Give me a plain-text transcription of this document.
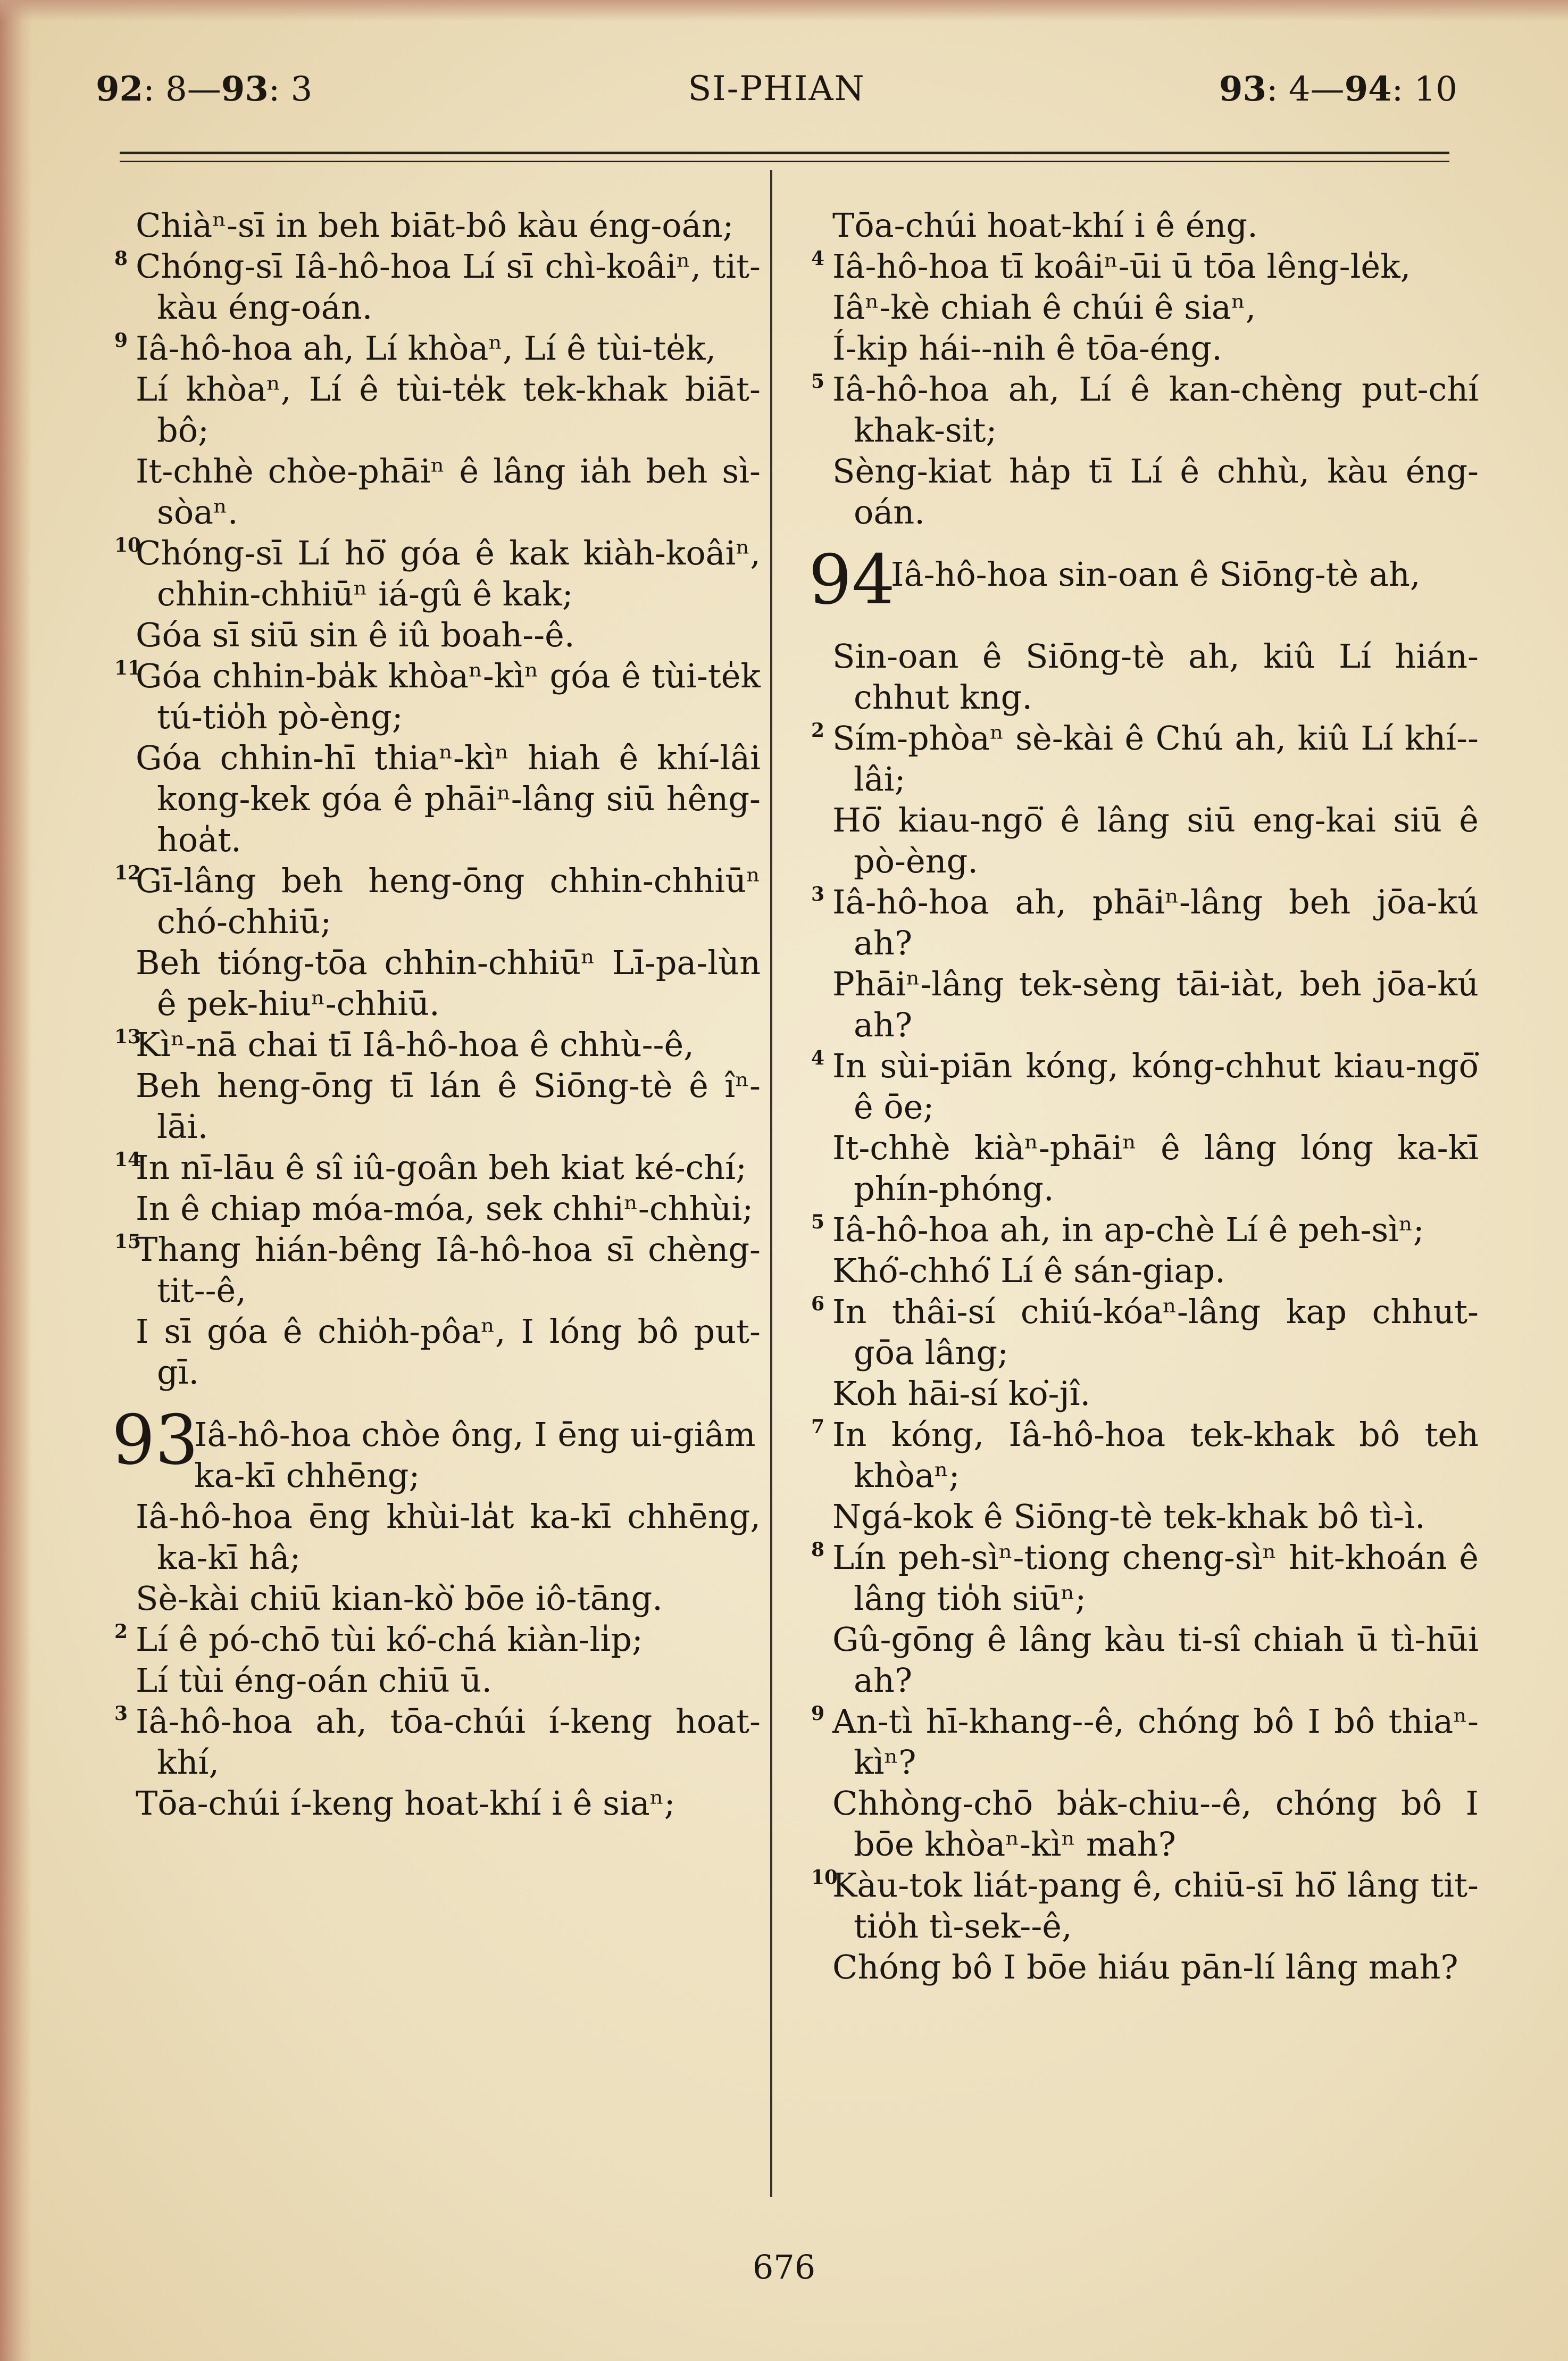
92: 8—93: 3	SI-PHIAN	93: 4—94: 10

Chiàⁿ-sī in beh biāt-bô kàu éng-oán;

8 Chóng-sī Iâ-hô-hoa Lí sī chì-koâiⁿ, tit-kàu éng-oán.

9 Iâ-hô-hoa ah, Lí khòaⁿ, Lí ê tùi-te̍k,

Lí khòaⁿ, Lí ê tùi-te̍k tek-khak biāt-bô;

It-chhè chòe-phāiⁿ ê lâng ia̍h beh sì-sòaⁿ.

10
Chóng-sī Lí hō͘ góa ê kak kiàh-koâiⁿ, chhin-chhiūⁿ iá-gû ê kak;

Góa sī siū sin ê iû boah--ê.

11
Góa chhin-ba̍k khòaⁿ-kìⁿ góa ê tùi-te̍k tú-tio̍h pò-èng;

Góa chhin-hī thiaⁿ-kìⁿ hiah ê khí-lâi kong-kek góa ê phāiⁿ-lâng siū hêng-hoa̍t.

12
Gī-lâng beh heng-ōng chhin-chhiūⁿ chó-chhiū;

Beh tióng-tōa chhin-chhiūⁿ Lī-pa-lùn ê pek-hiuⁿ-chhiū.

13
Kìⁿ-nā chai tī Iâ-hô-hoa ê chhù--ê,

Beh heng-ōng tī lán ê Siōng-tè ê îⁿ-lāi.

14
In nī-lāu ê sî iû-goân beh kiat ké-chí;

In ê chiap móa-móa, sek chhiⁿ-chhùi;

15
Thang hián-bêng Iâ-hô-hoa sī chèng-tit--ê,

I sī góa ê chio̍h-pôaⁿ, I lóng bô put-gī.

93
Iâ-hô-hoa chòe ông, I ēng ui-giâm ka-kī chhēng;

Iâ-hô-hoa ēng khùi-la̍t ka-kī chhēng, ka-kī hâ;

Sè-kài chiū kian-kò͘ bōe iô-tāng.

2 Lí ê pó-chō tùi kó͘-chá kiàn-li̍p;

Lí tùi éng-oán chiū ū.

3 Iâ-hô-hoa ah, tōa-chúi í-keng hoat-khí,

Tōa-chúi í-keng hoat-khí i ê siaⁿ;

Tōa-chúi hoat-khí i ê éng.

4 Iâ-hô-hoa tī koâiⁿ-ūi ū tōa lêng-le̍k,

Iâⁿ-kè chiah ê chúi ê siaⁿ,

Í-kip hái--nih ê tōa-éng.

5 Iâ-hô-hoa ah, Lí ê kan-chèng put-chí khak-sit;

Sèng-kiat ha̍p tī Lí ê chhù, kàu éng-oán.

94
Iâ-hô-hoa sin-oan ê Siōng-tè ah,

Sin-oan ê Siōng-tè ah, kiû Lí hián-chhut kng.

2 Sím-phòaⁿ sè-kài ê Chú ah, kiû Lí khí--lâi;

Hō͘ kiau-ngō͘ ê lâng siū eng-kai siū ê pò-èng.

3 Iâ-hô-hoa ah, phāiⁿ-lâng beh jōa-kú ah?

Phāiⁿ-lâng tek-sèng tāi-iàt, beh jōa-kú ah?

4 In sùi-piān kóng, kóng-chhut kiau-ngō͘ ê ōe;

It-chhè kiàⁿ-phāiⁿ ê lâng lóng ka-kī phín-phóng.

5 Iâ-hô-hoa ah, in ap-chè Lí ê peh-sìⁿ;

Khó͘-chhó͘ Lí ê sán-giap.

6 In thâi-sí chiú-kóaⁿ-lâng kap chhut-gōa lâng;

Koh hāi-sí ko͘-jî.

7 In kóng, Iâ-hô-hoa tek-khak bô teh khòaⁿ;

Ngá-kok ê Siōng-tè tek-khak bô tì-ì.

8 Lín peh-sìⁿ-tiong cheng-sìⁿ hit-khoán ê lâng tio̍h siūⁿ;

Gû-gōng ê lâng kàu ti-sî chiah ū tì-hūi ah?

9 An-tì hī-khang--ê, chóng bô I bô thiaⁿ-kìⁿ?

Chhòng-chō ba̍k-chiu--ê, chóng bô I bōe khòaⁿ-kìⁿ mah?

10
Kàu-tok liát-pang ê, chiū-sī hō͘ lâng tit-tio̍h tì-sek--ê,

Chóng bô I bōe hiáu pān-lí lâng mah?

676
